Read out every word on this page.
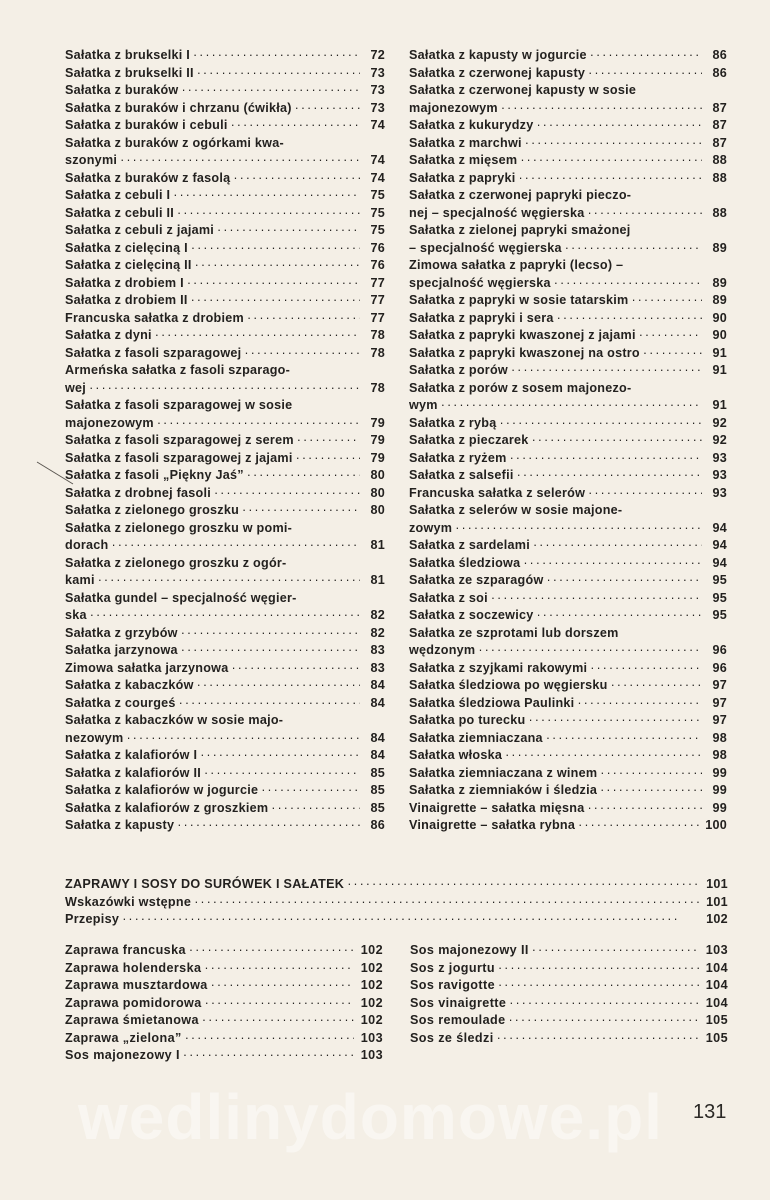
Sałatka z brukselki I ·····	72
Sałatka z brukselki II ·····	73
Sałatka z buraków ·····	73
Sałatka z buraków i chrzanu (ćwikła) ·····	73
Sałatka z buraków i cebuli ·····	74
Sałatka z buraków z ogórkami kwa-
szonymi ·····	74
Sałatka z buraków z fasolą ·····	74
Sałatka z cebuli I ·····	75
Sałatka z cebuli II ·····	75
Sałatka z cebuli z jajami ·····	75
Sałatka z cielęciną I ·····	76
Sałatka z cielęciną II ·····	76
Sałatka z drobiem I ·····	77
Sałatka z drobiem II ·····	77
Francuska sałatka z drobiem ·····	77
Sałatka z dyni ·····	78
Sałatka z fasoli szparagowej ·····	78
Armeńska sałatka z fasoli szparago-
wej ·····	78
Sałatka z fasoli szparagowej w sosie
majonezowym ·····	79
Sałatka z fasoli szparagowej z serem ·····	79
Sałatka z fasoli szparagowej z jajami ·····	79
Sałatka z fasoli „Piękny Jaś” ·····	80
Sałatka z drobnej fasoli ·····	80
Sałatka z zielonego groszku ·····	80
Sałatka z zielonego groszku w pomi-
dorach ·····	81
Sałatka z zielonego groszku z ogór-
kami ·····	81
Sałatka gundel – specjalność węgier-
ska ·····	82
Sałatka z grzybów ·····	82
Sałatka jarzynowa ·····	83
Zimowa sałatka jarzynowa ·····	83
Sałatka z kabaczków ·····	84
Sałatka z courgeś ·····	84
Sałatka z kabaczków w sosie majo-
nezowym ·····	84
Sałatka z kalafiorów I ·····	84
Sałatka z kalafiorów II ·····	85
Sałatka z kalafiorów w jogurcie ·····	85
Sałatka z kalafiorów z groszkiem ·····	85
Sałatka z kapusty ·····	86
Sałatka z kapusty w jogurcie ·····	86
Sałatka z czerwonej kapusty ·····	86
Sałatka z czerwonej kapusty w sosie
majonezowym ·····	87
Sałatka z kukurydzy ·····	87
Sałatka z marchwi ·····	87
Sałatka z mięsem ·····	88
Sałatka z papryki ·····	88
Sałatka z czerwonej papryki pieczo-
nej – specjalność węgierska ·····	88
Sałatka z zielonej papryki smażonej
– specjalność węgierska ·····	89
Zimowa sałatka z papryki (lecso) –
specjalność węgierska ·····	89
Sałatka z papryki w sosie tatarskim ·····	89
Sałatka z papryki i sera ·····	90
Sałatka z papryki kwaszonej z jajami ·····	90
Sałatka z papryki kwaszonej na ostro ·····	91
Sałatka z porów ·····	91
Sałatka z porów z sosem majonezo-
wym ·····	91
Sałatka z rybą ·····	92
Sałatka z pieczarek ·····	92
Sałatka z ryżem ·····	93
Sałatka z salsefii ·····	93
Francuska sałatka z selerów ·····	93
Sałatka z selerów w sosie majone-
zowym ·····	94
Sałatka z sardelami ·····	94
Sałatka śledziowa ·····	94
Sałatka ze szparagów ·····	95
Sałatka z soi ·····	95
Sałatka z soczewicy ·····	95
Sałatka ze szprotami lub dorszem
wędzonym ·····	96
Sałatka z szyjkami rakowymi ·····	96
Sałatka śledziowa po węgiersku ·····	97
Sałatka śledziowa Paulinki ·····	97
Sałatka po turecku ·····	97
Sałatka ziemniaczana ·····	98
Sałatka włoska ·····	98
Sałatka ziemniaczana z winem ·····	99
Sałatka z ziemniaków i śledzia ·····	99
Vinaigrette – sałatka mięsna ·····	99
Vinaigrette – sałatka rybna ·····	100
ZAPRAWY I SOSY DO SURÓWEK I SAŁATEK ·····	101
Wskazówki wstępne ·····	101
Przepisy ·····	102
Zaprawa francuska ·····	102
Zaprawa holenderska ·····	102
Zaprawa musztardowa ·····	102
Zaprawa pomidorowa ·····	102
Zaprawa śmietanowa ·····	102
Zaprawa „zielona” ·····	103
Sos majonezowy I ·····	103
Sos majonezowy II ·····	103
Sos z jogurtu ·····	104
Sos ravigotte ·····	104
Sos vinaigrette ·····	104
Sos remoulade ·····	105
Sos ze śledzi ·····	105
wedlinydomowe.pl 131
